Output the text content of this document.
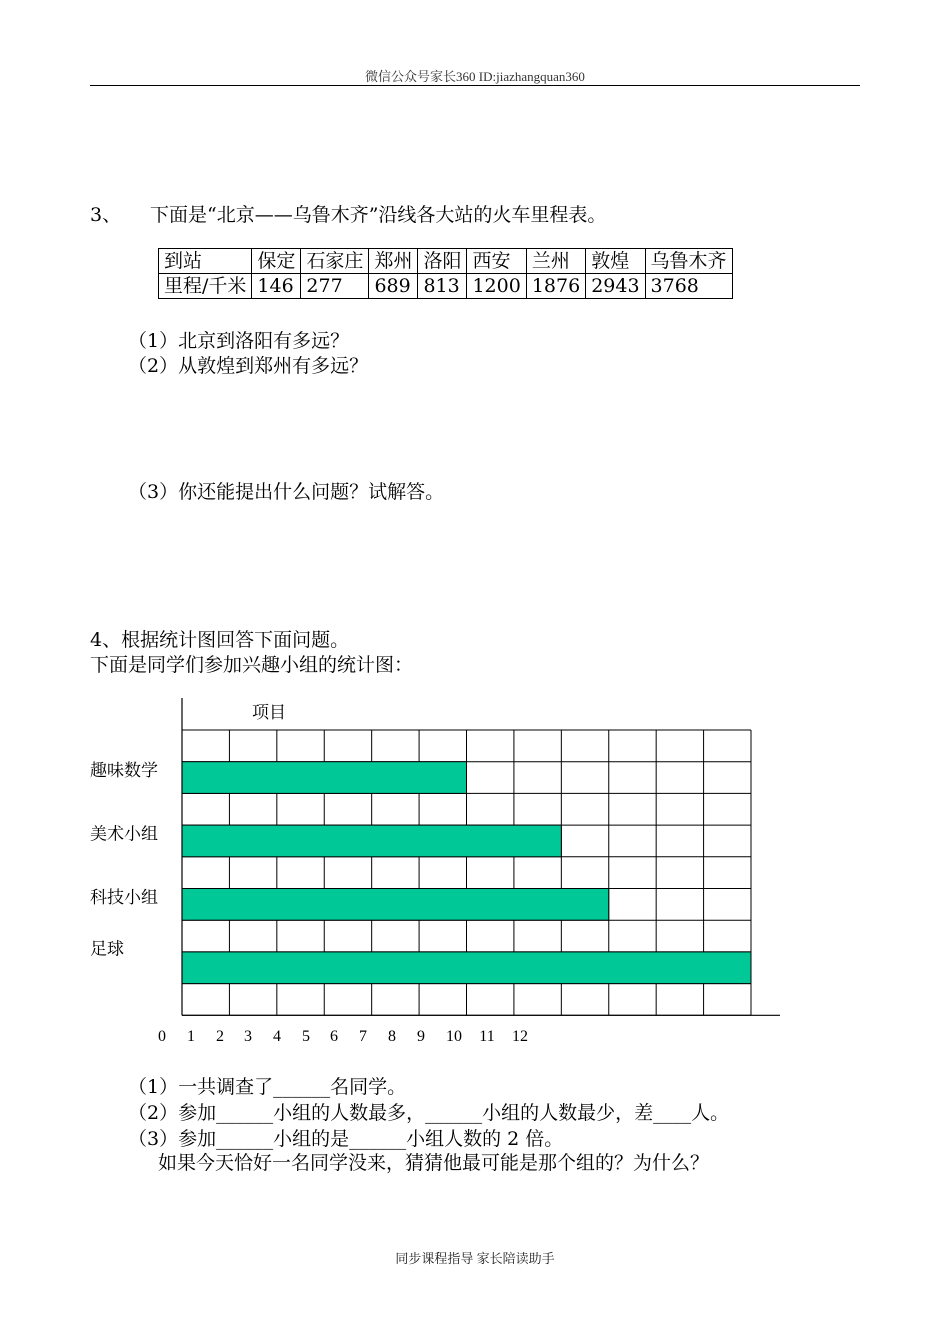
微信公众号家长360 ID:jiazhangquan360
3、 下面是“北京——乌鲁木齐”沿线各大站的火车里程表。
到站	保定	石家庄	郑州	洛阳	西安	兰州	敦煌	乌鲁木齐
里程/千米	146	277	689	813	1200	1876	2943	3768
（1）北京到洛阳有多远？
（2）从敦煌到郑州有多远？
（3）你还能提出什么问题？试解答。
4、根据统计图回答下面问题。
下面是同学们参加兴趣小组的统计图：
趣味数学
美术小组
科技小组
足球
项目
0 1 2 3 4 5 6 7 8 9 10 11 12
（1）一共调查了______名同学。
（2）参加______小组的人数最多，______小组的人数最少，差____人。
（3）参加______小组的是______小组人数的 2 倍。
如果今天恰好一名同学没来，猜猜他最可能是那个组的？为什么？
同步课程指导 家长陪读助手
